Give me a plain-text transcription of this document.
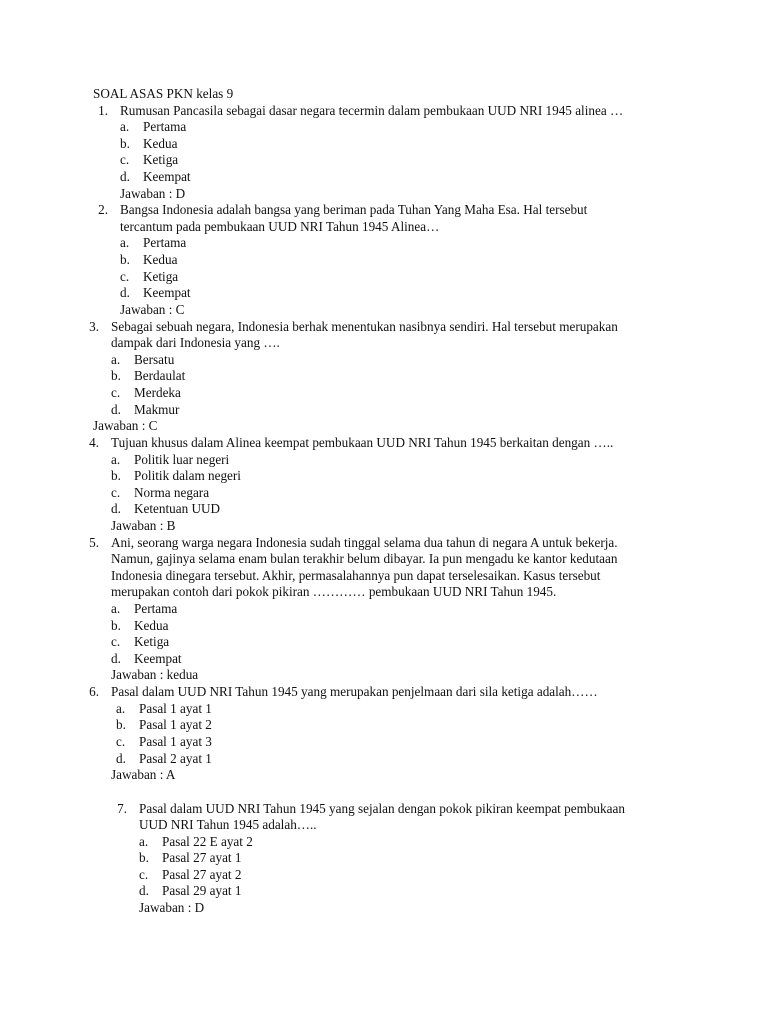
SOAL ASAS PKN kelas 9
1. Rumusan Pancasila sebagai dasar negara tecermin dalam pembukaan UUD NRI 1945 alinea …
a. Pertama
b. Kedua
c. Ketiga
d. Keempat
Jawaban : D
2. Bangsa Indonesia adalah bangsa yang beriman pada Tuhan Yang Maha Esa. Hal tersebut
tercantum pada pembukaan UUD NRI Tahun 1945 Alinea…
a. Pertama
b. Kedua
c. Ketiga
d. Keempat
Jawaban : C
3. Sebagai sebuah negara, Indonesia berhak menentukan nasibnya sendiri. Hal tersebut merupakan
dampak dari Indonesia yang ….
a. Bersatu
b. Berdaulat
c. Merdeka
d. Makmur
Jawaban : C
4. Tujuan khusus dalam Alinea keempat pembukaan UUD NRI Tahun 1945 berkaitan dengan …..
a. Politik luar negeri
b. Politik dalam negeri
c. Norma negara
d. Ketentuan UUD
Jawaban : B
5. Ani, seorang warga negara Indonesia sudah tinggal selama dua tahun di negara A untuk bekerja.
Namun, gajinya selama enam bulan terakhir belum dibayar. Ia pun mengadu ke kantor kedutaan
Indonesia dinegara tersebut. Akhir, permasalahannya pun dapat terselesaikan. Kasus tersebut
merupakan contoh dari pokok pikiran ………… pembukaan UUD NRI Tahun 1945.
a. Pertama
b. Kedua
c. Ketiga
d. Keempat
Jawaban : kedua
6. Pasal dalam UUD NRI Tahun 1945 yang merupakan penjelmaan dari sila ketiga adalah……
a. Pasal 1 ayat 1
b. Pasal 1 ayat 2
c. Pasal 1 ayat 3
d. Pasal 2 ayat 1
Jawaban : A
7. Pasal dalam UUD NRI Tahun 1945 yang sejalan dengan pokok pikiran keempat pembukaan
UUD NRI Tahun 1945 adalah…..
a. Pasal 22 E ayat 2
b. Pasal 27 ayat 1
c. Pasal 27 ayat 2
d. Pasal 29 ayat 1
Jawaban : D
